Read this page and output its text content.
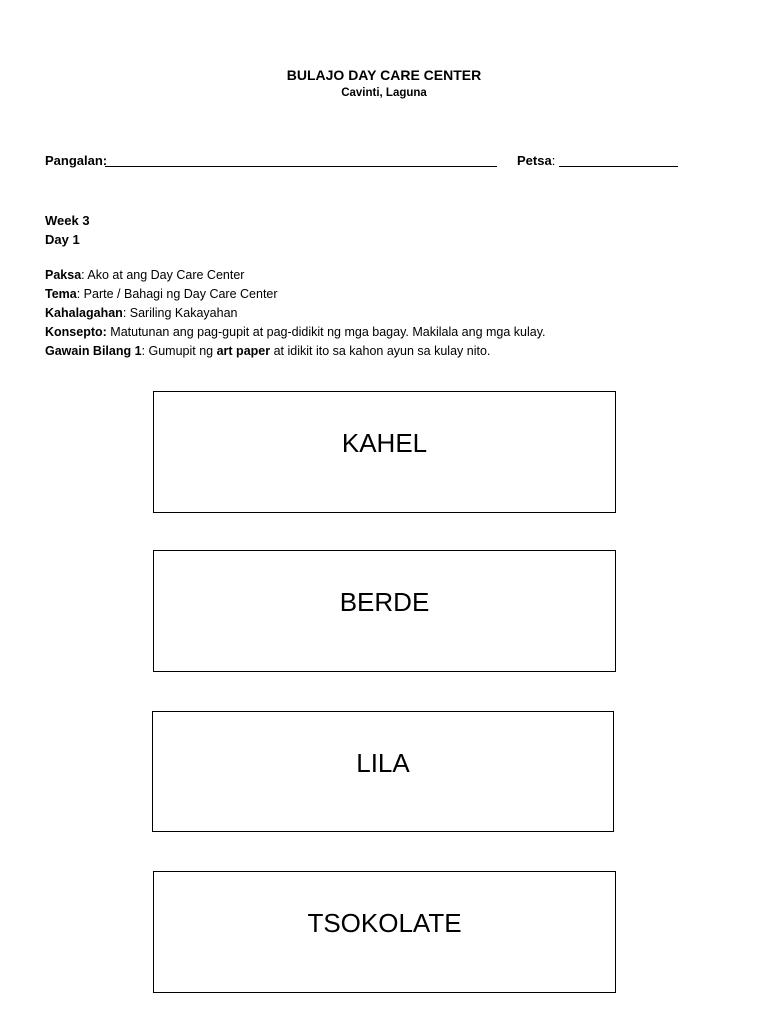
BULAJO DAY CARE CENTER
Cavinti, Laguna
Pangalan:	Petsa:
Week 3
Day 1
Paksa: Ako at ang Day Care Center
Tema: Parte / Bahagi ng Day Care Center
Kahalagahan: Sariling Kakayahan
Konsepto: Matutunan ang pag-gupit at pag-didikit ng mga bagay. Makilala ang mga kulay.
Gawain Bilang 1: Gumupit ng art paper at idikit ito sa kahon ayun sa kulay nito.
KAHEL
BERDE
LILA
TSOKOLATE
